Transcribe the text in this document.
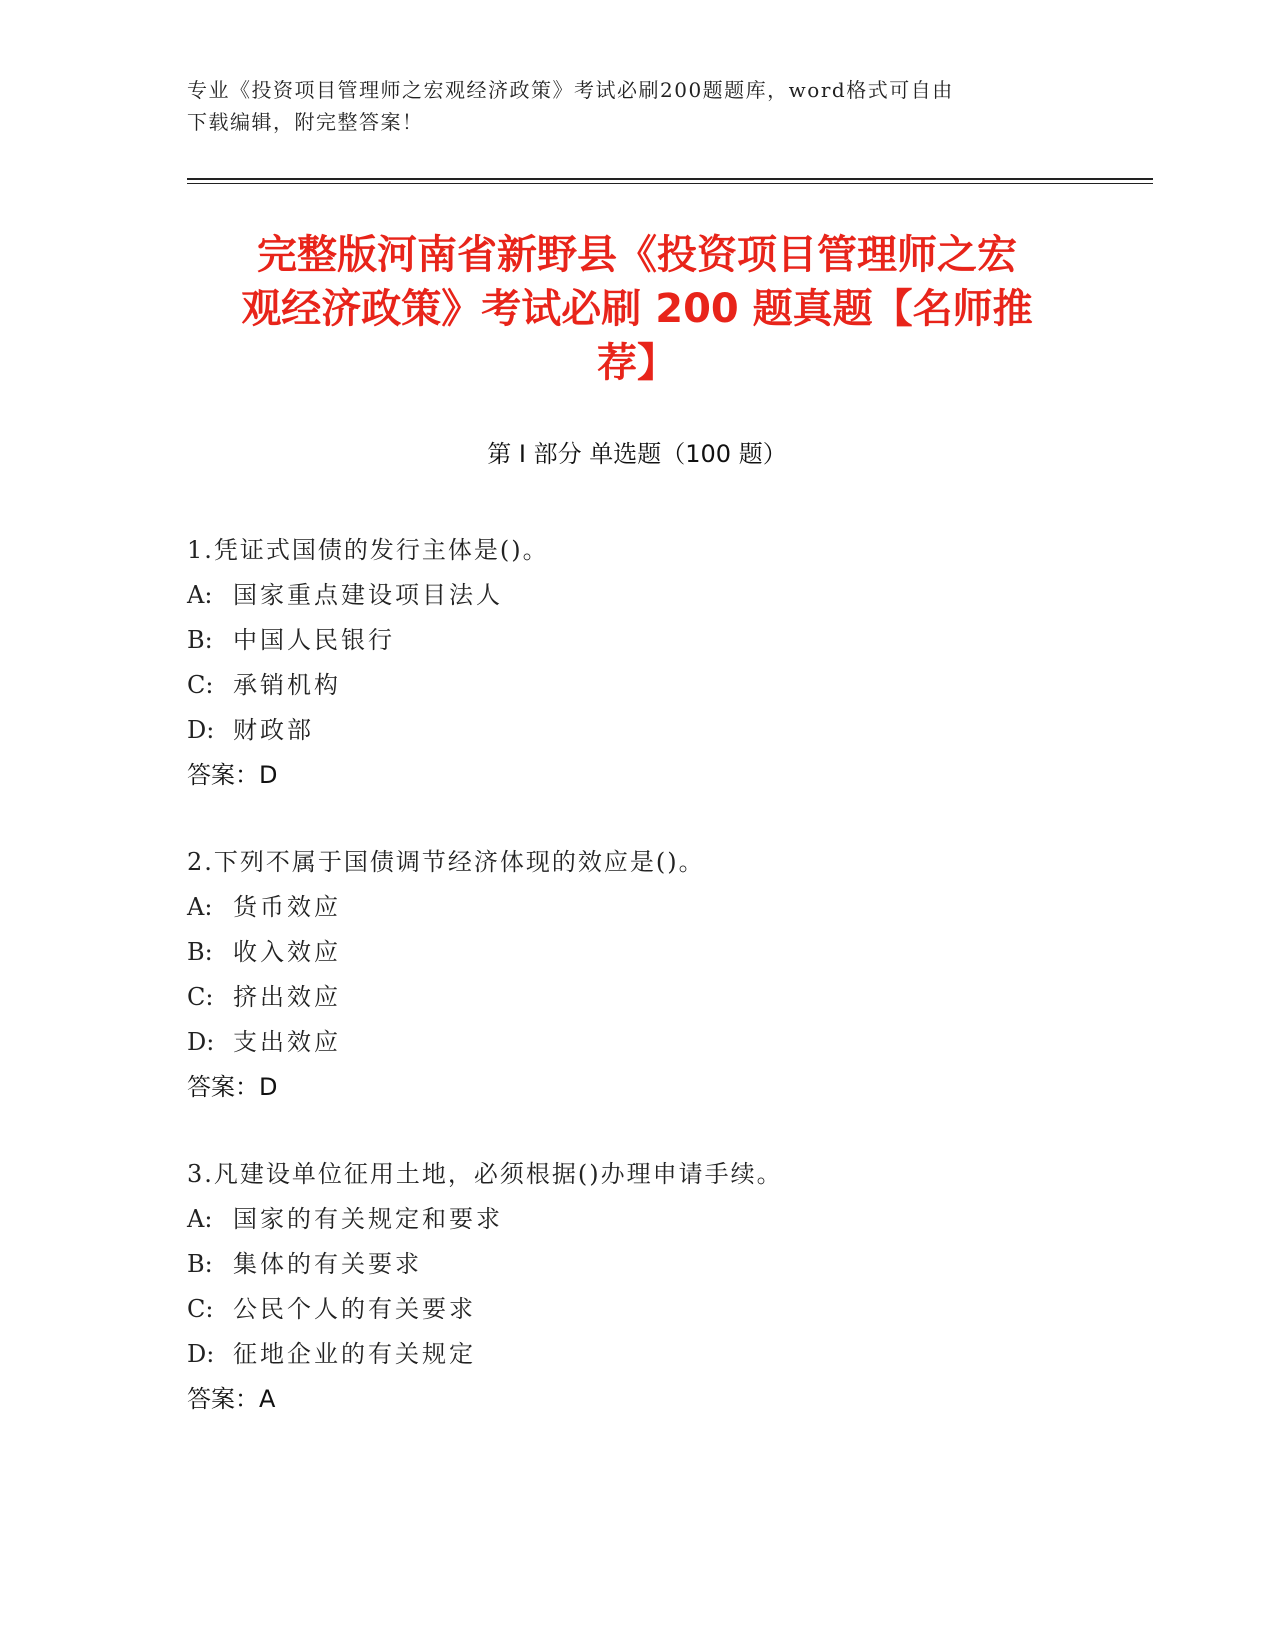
专业《投资项目管理师之宏观经济政策》考试必刷200题题库，word格式可自由
下载编辑，附完整答案！
完整版河南省新野县《投资项目管理师之宏
观经济政策》考试必刷 200 题真题【名师推
荐】
第 I 部分 单选题（100 题）
1.凭证式国债的发行主体是()。
A: 国家重点建设项目法人
B: 中国人民银行
C: 承销机构
D: 财政部
答案：D
2.下列不属于国债调节经济体现的效应是()。
A: 货币效应
B: 收入效应
C: 挤出效应
D: 支出效应
答案：D
3.凡建设单位征用土地，必须根据()办理申请手续。
A: 国家的有关规定和要求
B: 集体的有关要求
C: 公民个人的有关要求
D: 征地企业的有关规定
答案：A
